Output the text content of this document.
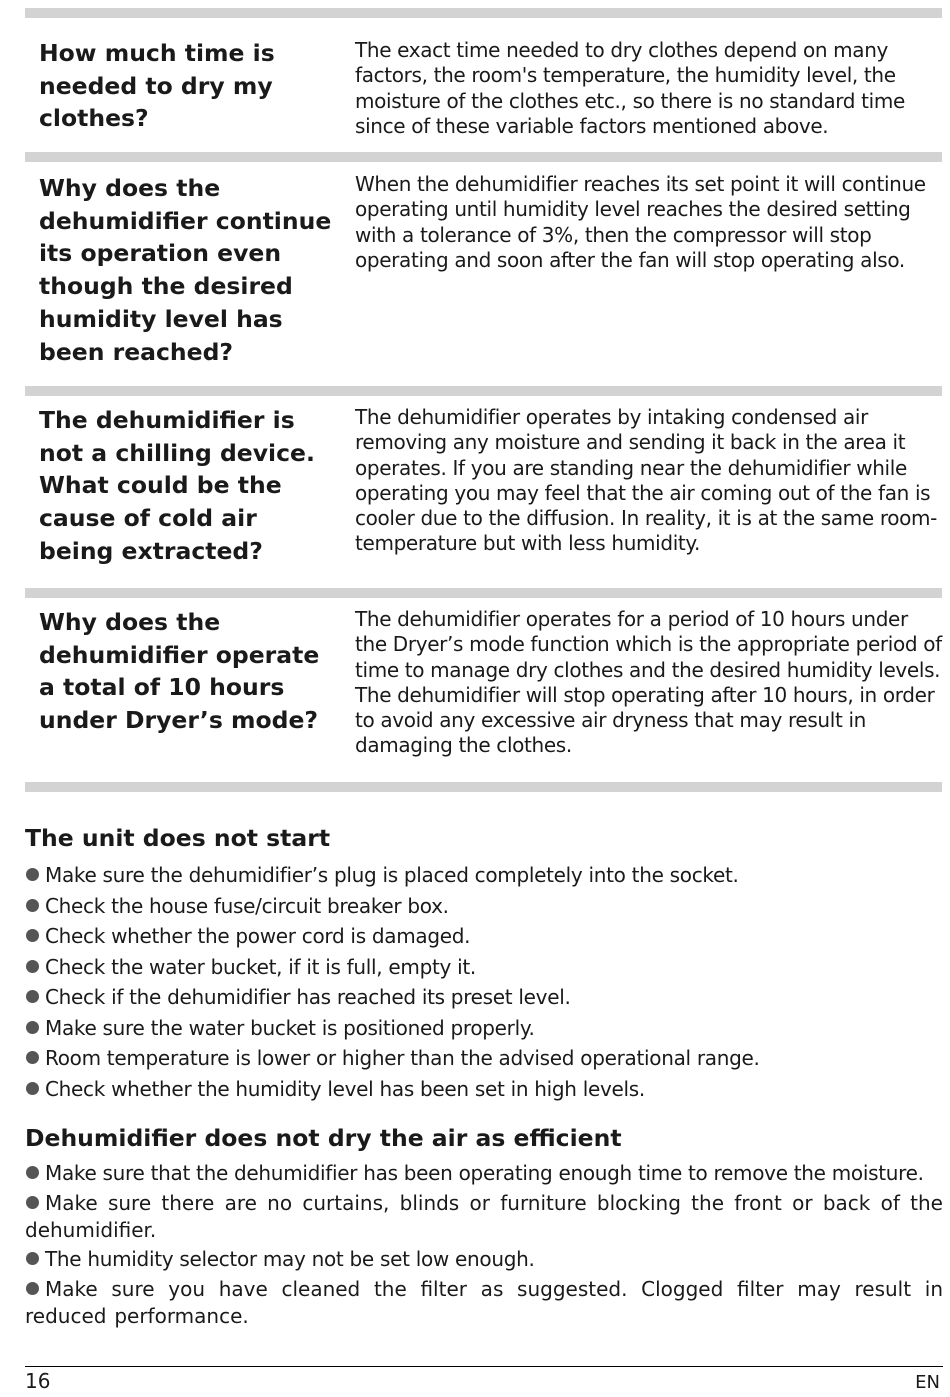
How much time is needed to dry my clothes?
The exact time needed to dry clothes depend on many factors, the room's temperature, the humidity level, the moisture of the clothes etc., so there is no standard time since of these variable factors mentioned above.
Why does the dehumidifier continue its operation even though the desired humidity level has been reached?
When the dehumidifier reaches its set point it will continue operating until humidity level reaches the desired setting with a tolerance of 3%, then the compressor will stop operating and soon after the fan will stop operating also.
The dehumidifier is not a chilling device. What could be the cause of cold air being extracted?
The dehumidifier operates by intaking condensed air removing any moisture and sending it back in the area it operates. If you are standing near the dehumidifier while operating you may feel that the air coming out of the fan is cooler due to the diffusion. In reality, it is at the same room-temperature but with less humidity.
Why does the dehumidifier operate a total of 10 hours under Dryer’s mode?
The dehumidifier operates for a period of 10 hours under the Dryer’s mode function which is the appropriate period of time to manage dry clothes and the desired humidity levels. The dehumidifier will stop operating after 10 hours, in order to avoid any excessive air dryness that may result in damaging the clothes.
The unit does not start
Make sure the dehumidifier’s plug is placed completely into the socket.
Check the house fuse/circuit breaker box.
Check whether the power cord is damaged.
Check the water bucket, if it is full, empty it.
Check if the dehumidifier has reached its preset level.
Make sure the water bucket is positioned properly.
Room temperature is lower or higher than the advised operational range.
Check whether the humidity level has been set in high levels.
Dehumidifier does not dry the air as efficient
Make sure that the dehumidifier has been operating enough time to remove the moisture.
Make sure there are no curtains, blinds or furniture blocking the front or back of the dehumidifier.
The humidity selector may not be set low enough.
Make sure you have cleaned the filter as suggested. Clogged filter may result in reduced performance.
16	EN
